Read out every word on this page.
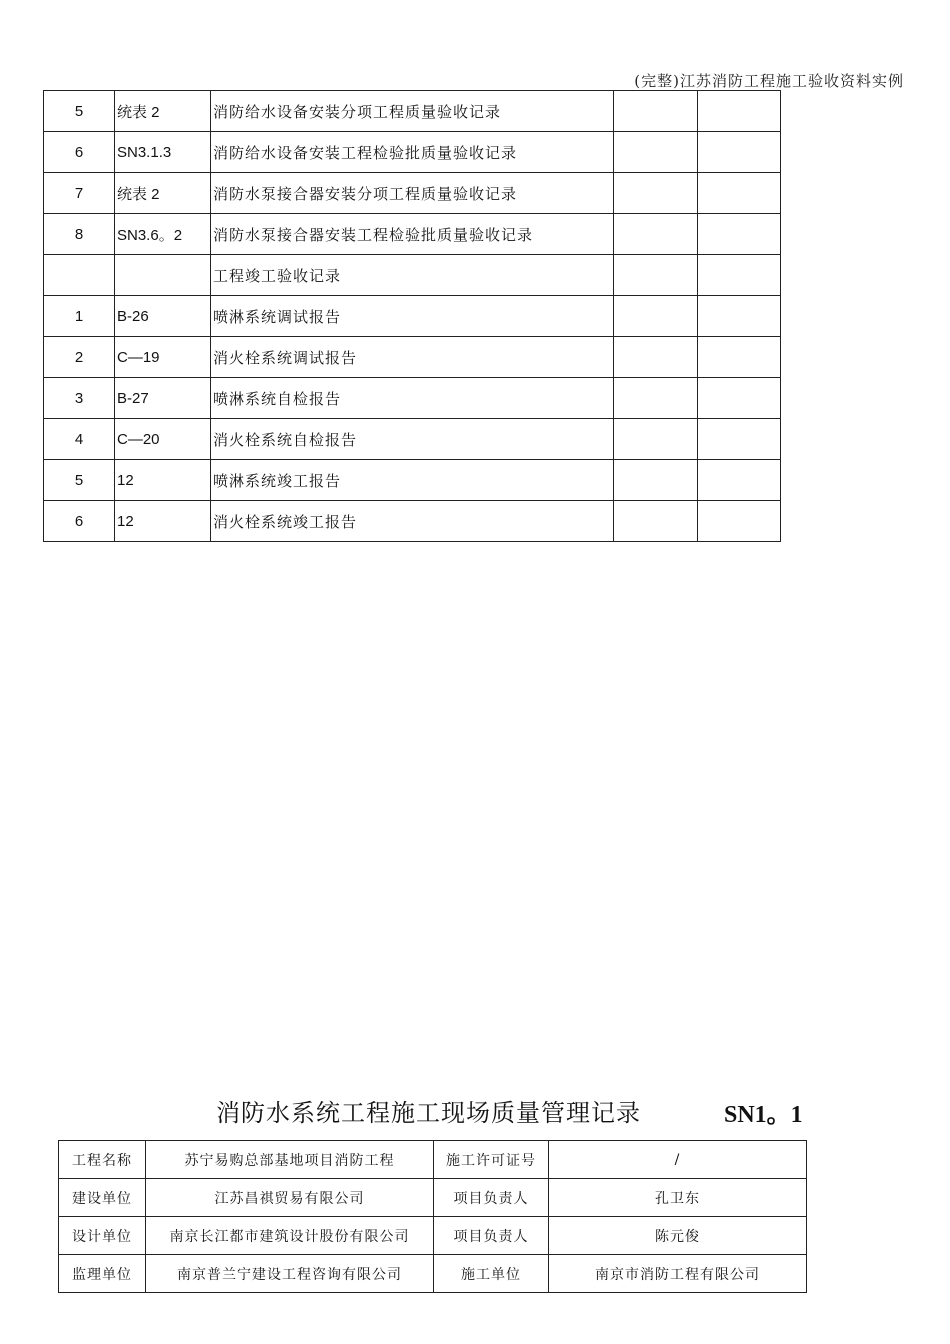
(完整)江苏消防工程施工验收资料实例
5	统表 2	消防给水设备安装分项工程质量验收记录		
6	SN3.1.3	消防给水设备安装工程检验批质量验收记录		
7	统表 2	消防水泵接合器安装分项工程质量验收记录		
8	SN3.6。2	消防水泵接合器安装工程检验批质量验收记录		
		工程竣工验收记录		
1	B-26	喷淋系统调试报告		
2	C—19	消火栓系统调试报告		
3	B-27	喷淋系统自检报告		
4	C—20	消火栓系统自检报告		
5	12	喷淋系统竣工报告		
6	12	消火栓系统竣工报告		
消防水系统工程施工现场质量管理记录	SN1。1
工程名称	苏宁易购总部基地项目消防工程	施工许可证号	/
建设单位	江苏昌祺贸易有限公司	项目负责人	孔卫东
设计单位	南京长江都市建筑设计股份有限公司	项目负责人	陈元俊
监理单位	南京普兰宁建设工程咨询有限公司	施工单位	南京市消防工程有限公司
